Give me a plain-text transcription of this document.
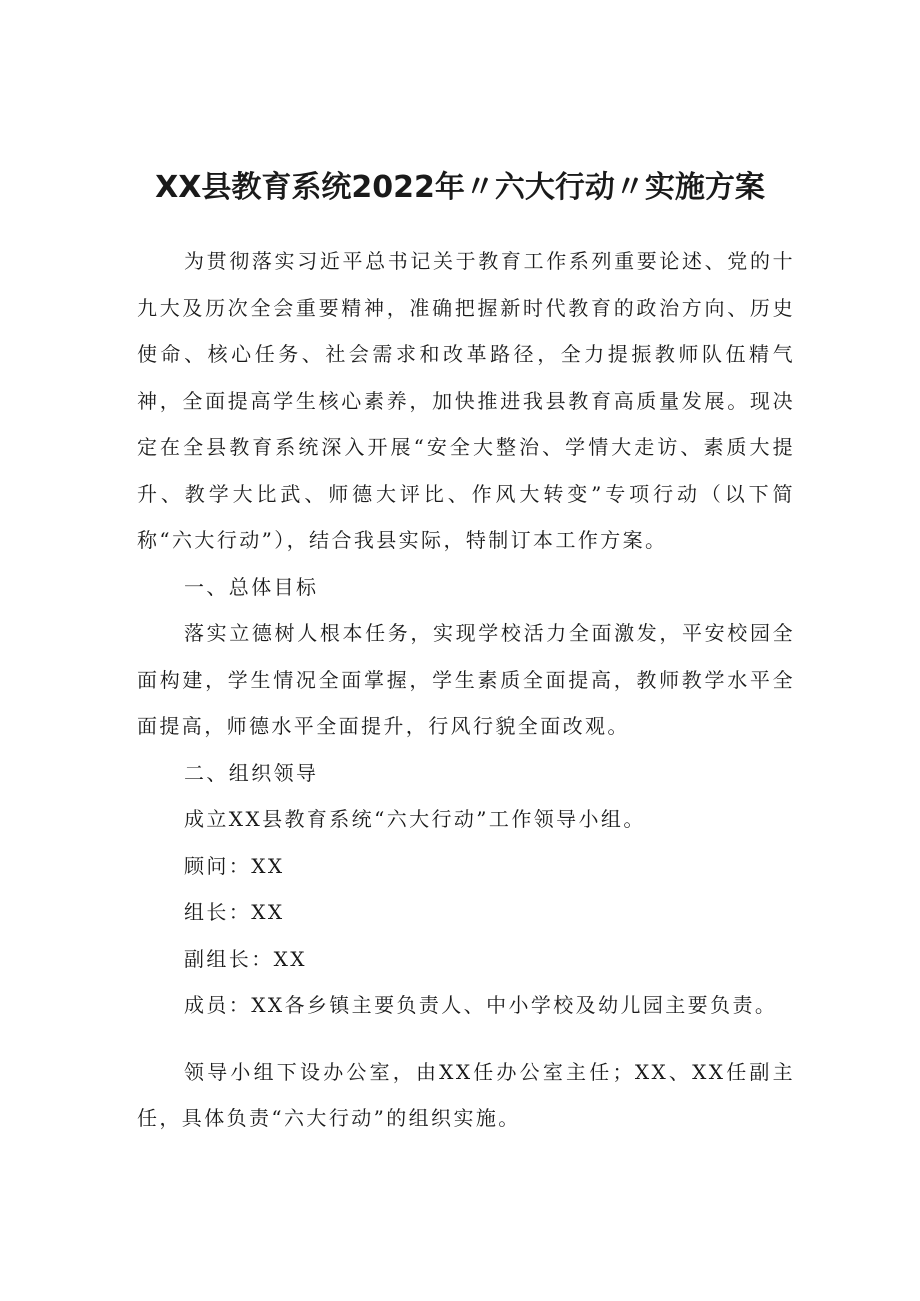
XX县教育系统2022年〃六大行动〃实施方案

为贯彻落实习近平总书记关于教育工作系列重要论述、党的十九大及历次全会重要精神，准确把握新时代教育的政治方向、历史使命、核心任务、社会需求和改革路径，全力提振教师队伍精气神，全面提高学生核心素养，加快推进我县教育高质量发展。现决定在全县教育系统深入开展“安全大整治、学情大走访、素质大提升、教学大比武、师德大评比、作风大转变”专项行动（以下简称“六大行动”），结合我县实际，特制订本工作方案。

一、总体目标

落实立德树人根本任务，实现学校活力全面激发，平安校园全面构建，学生情况全面掌握，学生素质全面提高，教师教学水平全面提高，师德水平全面提升，行风行貌全面改观。

二、组织领导

成立XX县教育系统“六大行动”工作领导小组。

顾问：XX

组长：XX

副组长：XX

成员：XX各乡镇主要负责人、中小学校及幼儿园主要负责。

领导小组下设办公室，由XX任办公室主任；XX、XX任副主任，具体负责“六大行动”的组织实施。
